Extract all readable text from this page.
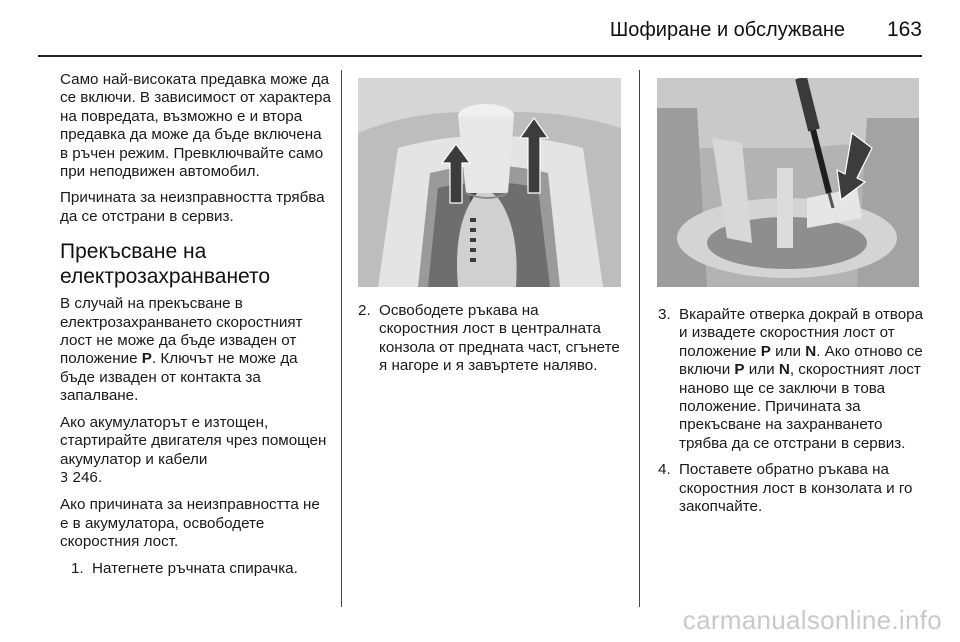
Шофиране и обслужване 163

Само най-високата предавка може да се включи. В зависимост от характера на повредата, възможно е и втора предавка да може да бъде включена в ръчен режим. Превключвайте само при неподвижен автомобил.

Причината за неизправността трябва да се отстрани в сервиз.

Прекъсване на електрозахранването

В случай на прекъсване в електрозахранването скоростният лост не може да бъде изваден от положение P. Ключът не може да бъде изваден от контакта за запалване.

Ако акумулаторът е изтощен, стартирайте двигателя чрез помощен акумулатор и кабели
3 246.

Ако причината за неизправността не е в акумулатора, освободете скоростния лост.

1. Натегнете ръчната спирачка.
2. Освободете ръкава на скоростния лост в централната конзола от предната част, сгънете я нагоре и я завъртете наляво.
3. Вкарайте отверка докрай в отвора и извадете скоростния лост от положение P или N. Ако отново се включи P или N, скоростният лост наново ще се заключи в това положение. Причината за прекъсване на захранването трябва да се отстрани в сервиз.
4. Поставете обратно ръкава на скоростния лост в конзолата и го закопчайте.
carmanualsonline.info
